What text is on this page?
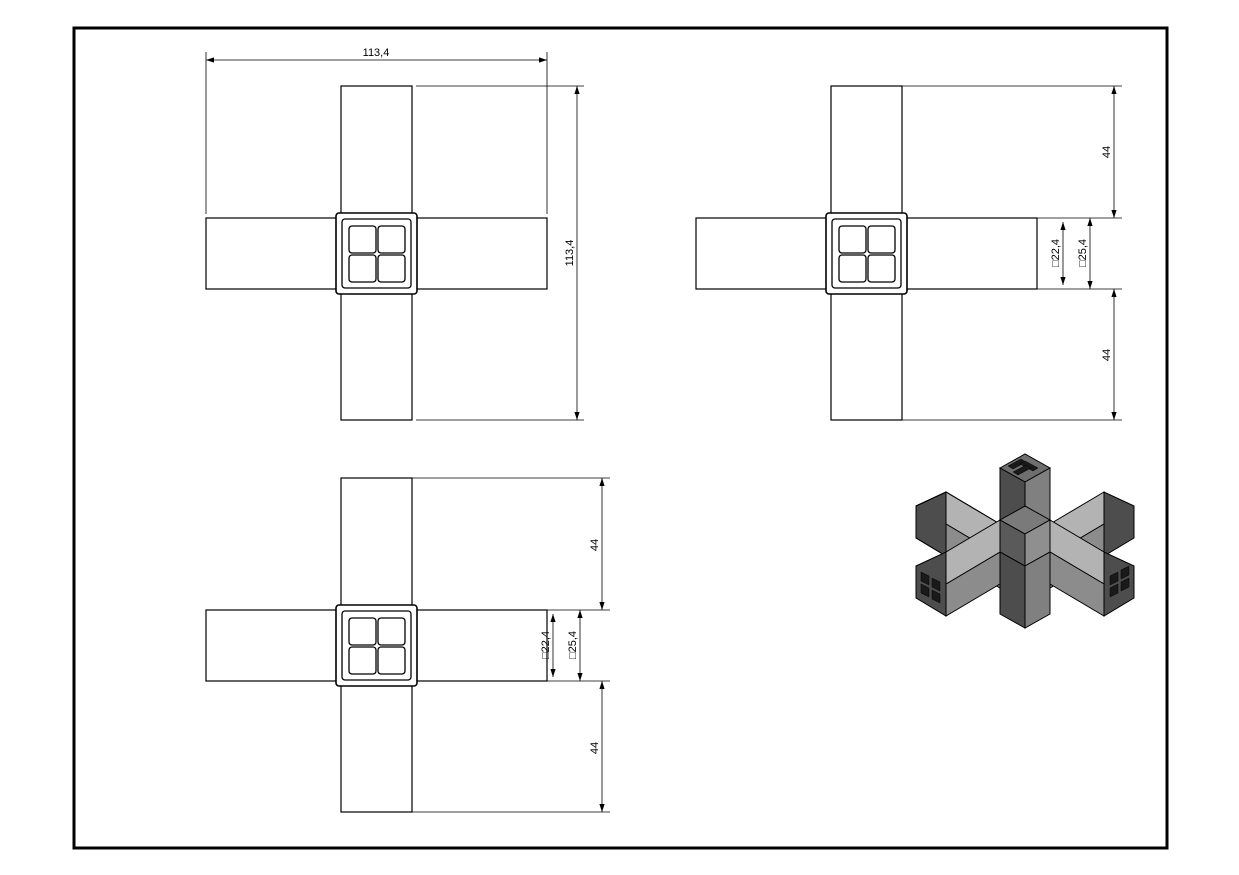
113,4
113,4
44
44
□25,4
□22,4
44
44
□25,4
□22,4
